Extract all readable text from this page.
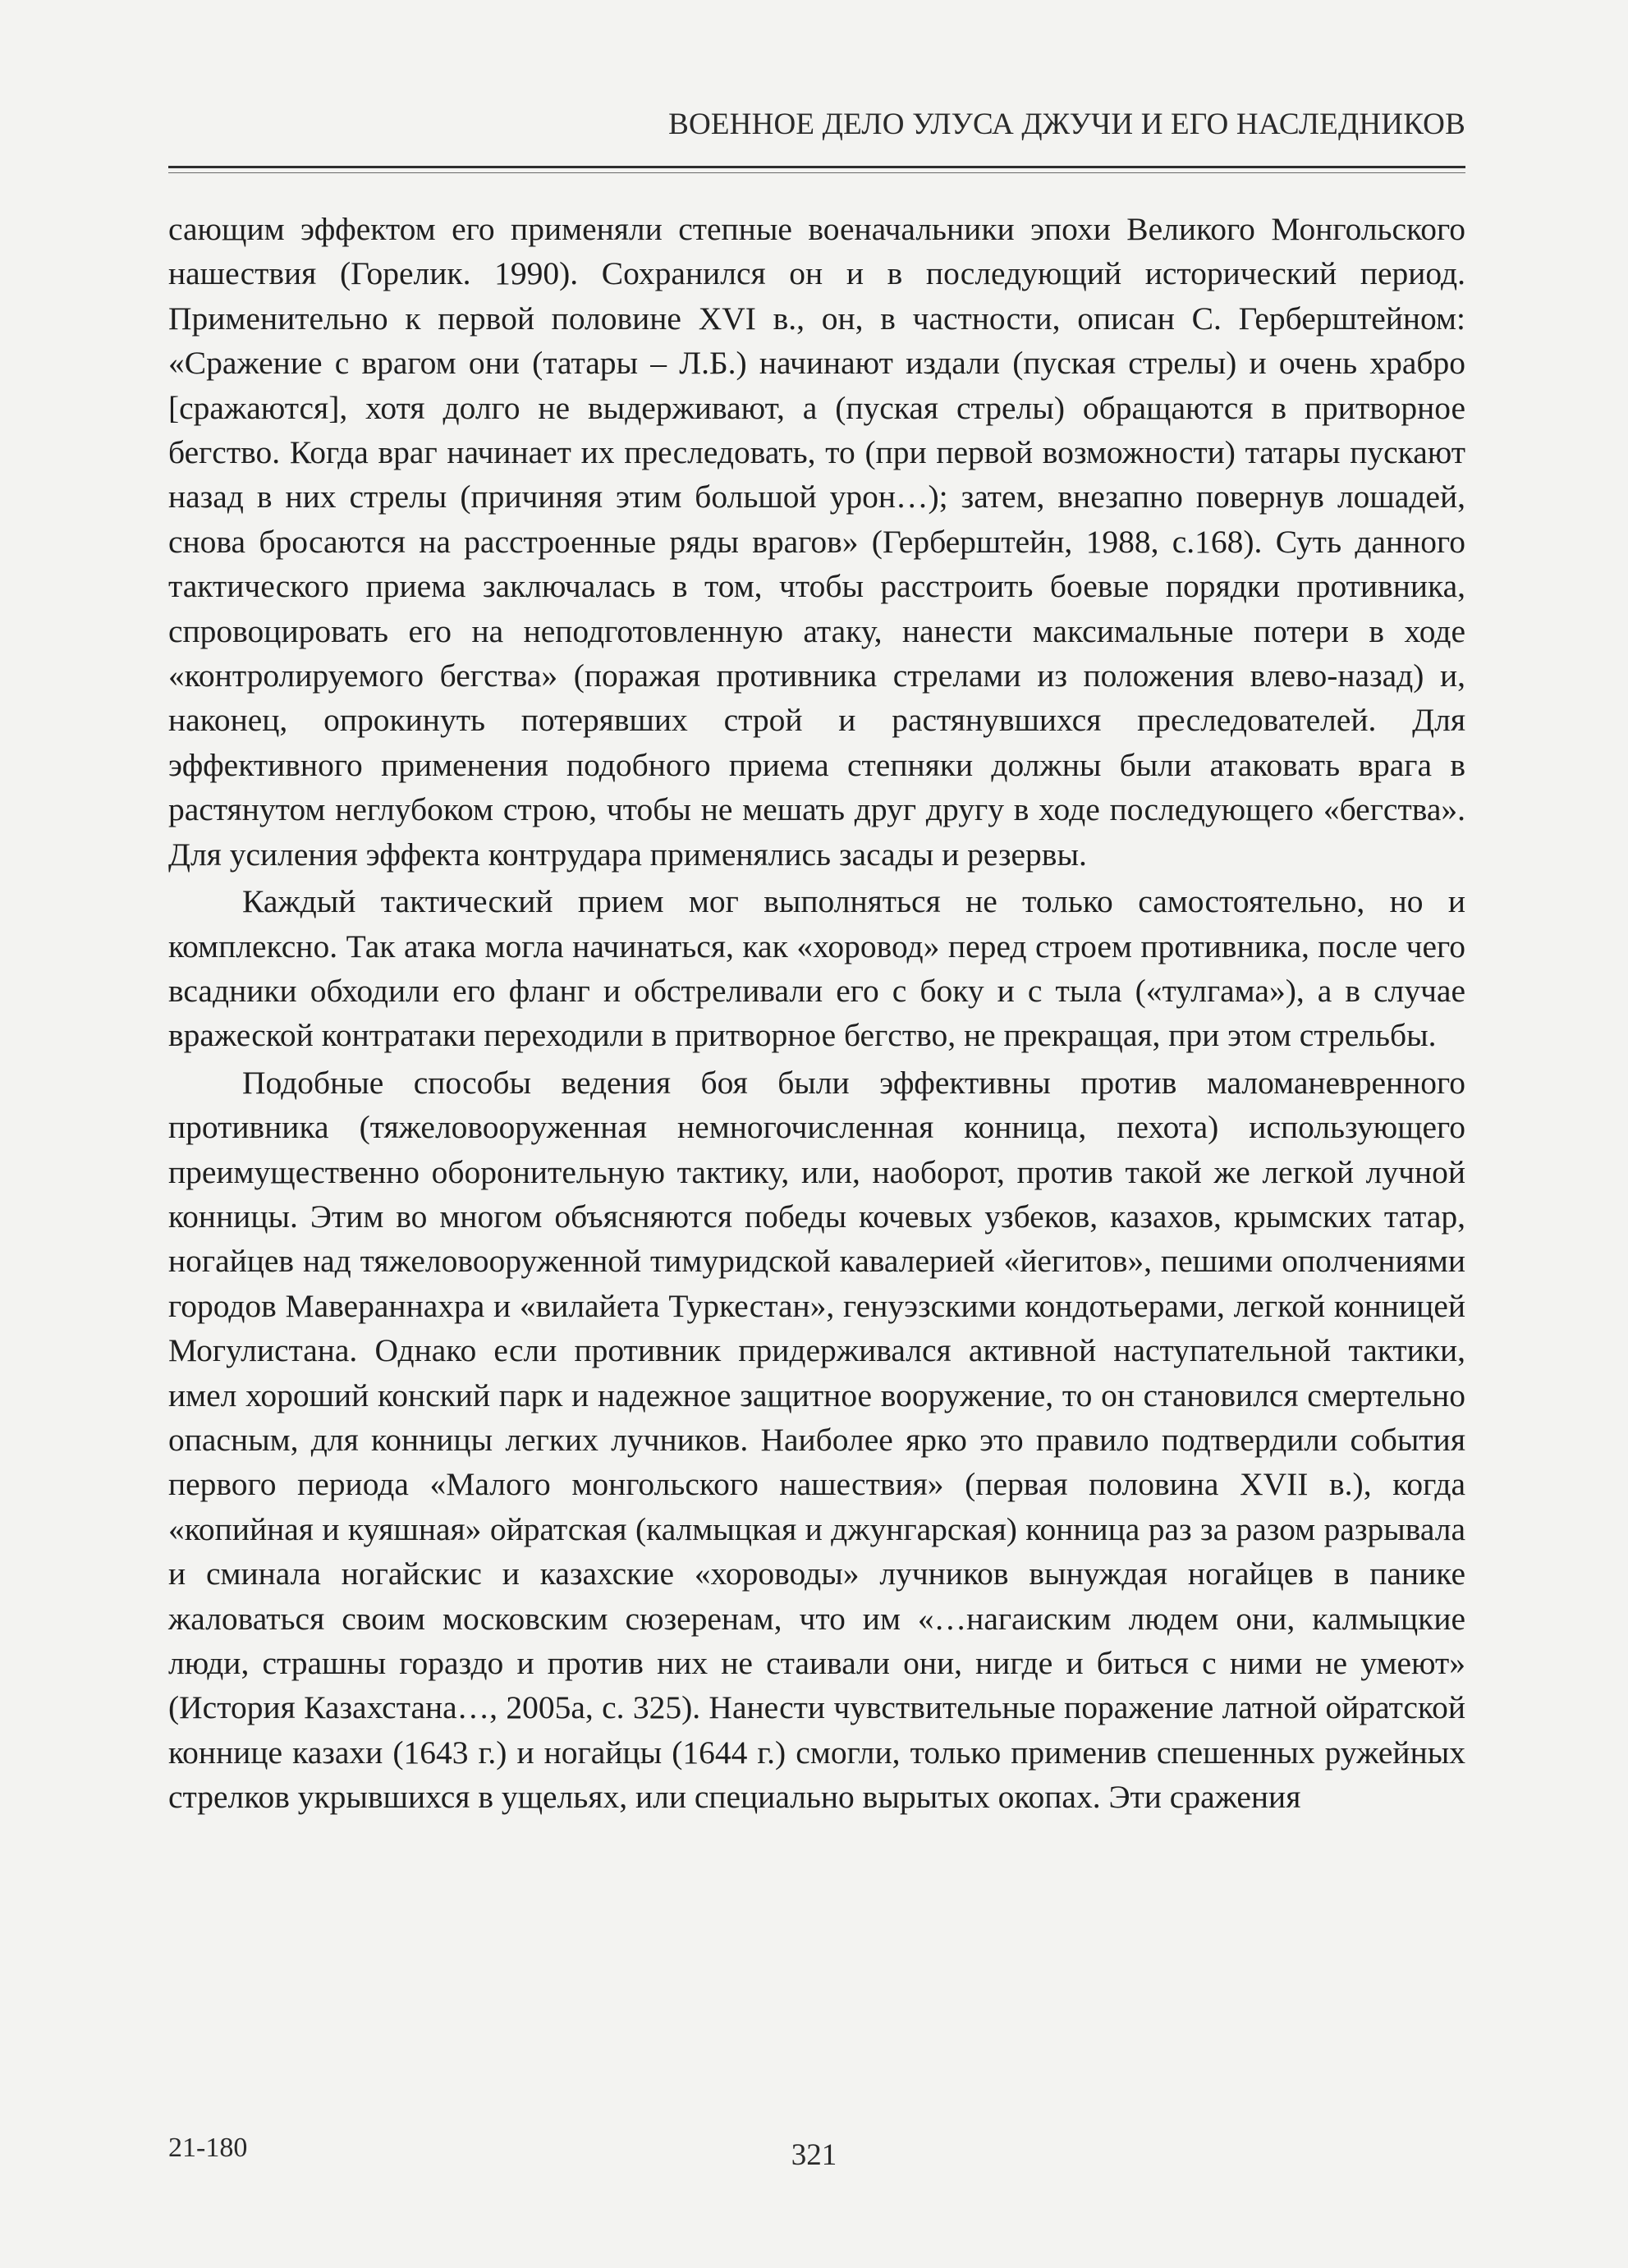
ВОЕННОЕ ДЕЛО УЛУСА ДЖУЧИ И ЕГО НАСЛЕДНИКОВ

сающим эффектом его применяли степные военачальники эпохи Великого Монгольского нашествия (Горелик. 1990). Сохранился он и в последующий исторический период. Применительно к первой половине XVI в., он, в частности, описан С. Герберштейном: «Сражение с врагом они (татары – Л.Б.) начинают издали (пуская стрелы) и очень храбро [сражаются], хотя долго не выдерживают, а (пуская стрелы) обращаются в притворное бегство. Когда враг начинает их преследовать, то (при первой возможности) татары пускают назад в них стрелы (причиняя этим большой урон…); затем, внезапно повернув лошадей, снова бросаются на расстроенные ряды врагов» (Герберштейн, 1988, с.168). Суть данного тактического приема заключалась в том, чтобы расстроить боевые порядки противника, спровоцировать его на неподготовленную атаку, нанести максимальные потери в ходе «контролируемого бегства» (поражая противника стрелами из положения влево-назад) и, наконец, опрокинуть потерявших строй и растянувшихся преследователей. Для эффективного применения подобного приема степняки должны были атаковать врага в растянутом неглубоком строю, чтобы не мешать друг другу в ходе последующего «бегства». Для усиления эффекта контрудара применялись засады и резервы.

Каждый тактический прием мог выполняться не только самостоятельно, но и комплексно. Так атака могла начинаться, как «хоровод» перед строем противника, после чего всадники обходили его фланг и обстреливали его с боку и с тыла («тулгама»), а в случае вражеской контратаки переходили в притворное бегство, не прекращая, при этом стрельбы.

Подобные способы ведения боя были эффективны против маломаневренного противника (тяжеловооруженная немногочисленная конница, пехота) использующего преимущественно оборонительную тактику, или, наоборот, против такой же легкой лучной конницы. Этим во многом объясняются победы кочевых узбеков, казахов, крымских татар, ногайцев над тяжеловооруженной тимуридской кавалерией «йегитов», пешими ополчениями городов Мавераннахра и «вилайета Туркестан», генуэзскими кондотьерами, легкой конницей Могулистана. Однако если противник придерживался активной наступательной тактики, имел хороший конский парк и надежное защитное вооружение, то он становился смертельно опасным, для конницы легких лучников. Наиболее ярко это правило подтвердили события первого периода «Малого монгольского нашествия» (первая половина XVII в.), когда «копийная и куяшная» ойратская (калмыцкая и джунгарская) конница раз за разом разрывала и сминала ногайскис и казахские «хороводы» лучников вынуждая ногайцев в панике жаловаться своим московским сюзеренам, что им «…нагаиским людем они, калмыцкие люди, страшны гораздо и против них не стаивали они, нигде и биться с ними не умеют» (История Казахстана…, 2005а, с. 325). Нанести чувствительные поражение латной ойратской коннице казахи (1643 г.) и ногайцы (1644 г.) смогли, только применив спешенных ружейных стрелков укрывшихся в ущельях, или специально вырытых окопах. Эти сражения

21-180	321
